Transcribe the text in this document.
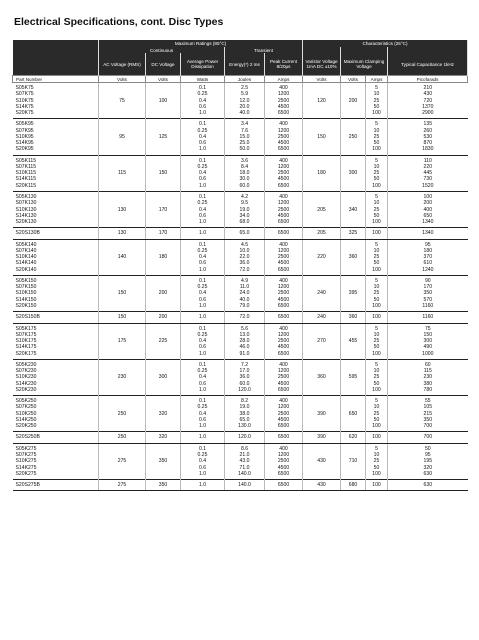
Electrical Specifications, cont. Disc Types
	Maximum Ratings (85°C)					Characteristics (25°C)			
	Continuous			Transient					
	AC Voltage (RMS)	DC Voltage	Average Power Dissipation	Energy(*) 2 ms	Peak Current 8/20µs	Varistor Voltage 1mA DC ±10%	Maximum Clamping Voltage		Typical Capacitance 1kHz
Part Number	Volts	Volts	Watts	Joules	Amps	Volts	Volts	Amps	Picofarads
S05K75			0.1	2.5	400			5	210
S07K75			0.25	5.9	1200			10	430
S10K75	75	100	0.4	12.0	2500	120	200	25	720
S14K75			0.6	20.0	4500			50	1370
S20K75			1.0	40.0	6500			100	2900
S05K95			0.1	3.4	400			5	135
S07K95			0.25	7.6	1200			10	260
S10K95	95	125	0.4	15.0	2500	150	250	25	530
S14K95			0.6	25.0	4500			50	870
S20K95			1.0	50.0	6500			100	1830
S05K115			0.1	3.6	400			5	110
S07K115			0.25	8.4	1200			10	220
S10K115	115	150	0.4	18.0	2500	180	300	25	445
S14K115			0.6	30.0	4500			50	730
S20K115			1.0	60.0	6500			100	1520
S05K130			0.1	4.2	400			5	100
S07K130			0.25	9.5	1200			10	200
S10K130	130	170	0.4	19.0	2500	205	340	25	400
S14K130			0.6	34.0	4500			50	650
S20K130			1.0	68.0	6500			100	1340
S20S130B	130	170	1.0	65.0	6500	205	325	100	1340
S05K140			0.1	4.5	400			5	95
S07K140			0.25	10.0	1200			10	180
S10K140	140	180	0.4	22.0	2500	220	360	25	370
S14K140			0.6	36.0	4500			50	610
S20K140			1.0	72.0	6500			100	1240
S05K150			0.1	4.9	400			5	90
S07K150			0.25	11.0	1200			10	170
S10K150	150	200	0.4	24.0	2500	240	395	25	350
S14K150			0.6	40.0	4500			50	570
S20K150			1.0	79.0	6500			100	1160
S20S150B	150	200	1.0	72.0	6500	240	360	100	1160
S05K175			0.1	5.6	400			5	75
S07K175			0.25	13.0	1200			10	150
S10K175	175	225	0.4	28.0	2500	270	455	25	300
S14K175			0.6	46.0	4500			50	490
S20K175			1.0	91.0	6500			100	1000
S05K230			0.1	7.2	400			5	60
S07K230			0.25	17.0	1200			10	115
S10K230	230	300	0.4	36.0	2500	360	595	25	230
S14K230			0.6	60.0	4500			50	380
S20K230			1.0	120.0	6500			100	780
S05K250			0.1	8.2	400			5	55
S07K250			0.25	19.0	1200			10	105
S10K250	250	320	0.4	38.0	2500	390	650	25	215
S14K250			0.6	65.0	4500			50	350
S20K250			1.0	130.0	6500			100	700
S20S250B	250	320	1.0	120.0	6500	390	620	100	700
S05K275			0.1	8.6	400			5	50
S07K275			0.25	21.0	1200			10	95
S10K275	275	350	0.4	43.0	2500	430	710	25	195
S14K275			0.6	71.0	4500			50	320
S20K275			1.0	140.0	6500			100	630
S20S275B	275	350	1.0	140.0	6500	430	680	100	630
